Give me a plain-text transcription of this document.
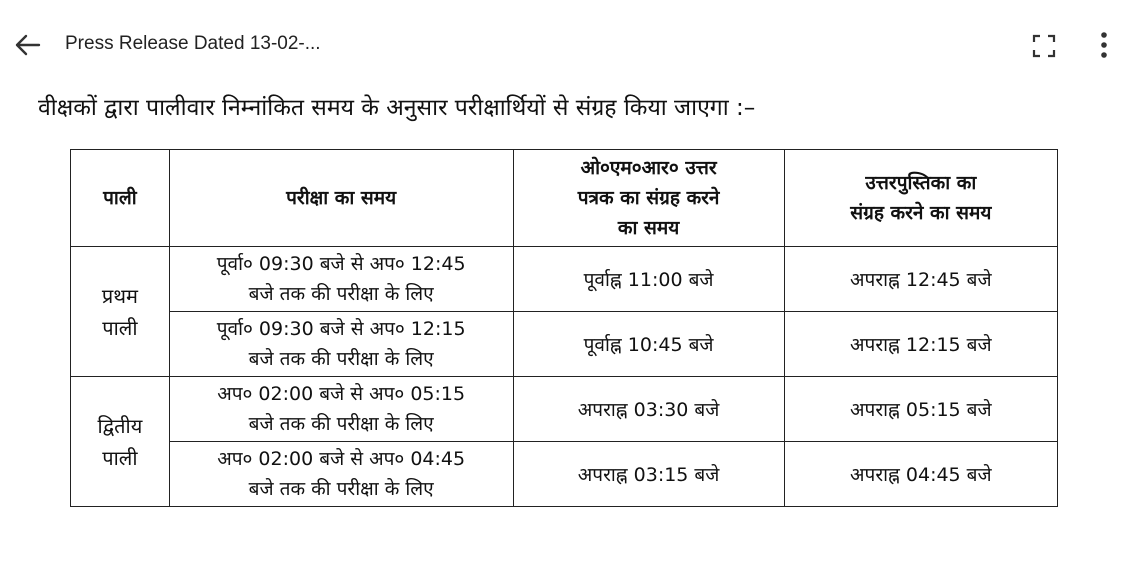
Press Release Dated 13-02-...
वीक्षकों द्वारा पालीवार निम्नांकित समय के अनुसार परीक्षार्थियों से संग्रह किया जाएगा :–
पाली	परीक्षा का समय	ओ०एम०आर० उत्तर
पत्रक का संग्रह करने
का समय	उत्तरपुस्तिका का
संग्रह करने का समय

प्रथम
पाली	पूर्वा० 09:30 बजे से अप० 12:45
बजे तक की परीक्षा के लिए	पूर्वाह्न 11:00 बजे	अपराह्न 12:45 बजे

	पूर्वा० 09:30 बजे से अप० 12:15
बजे तक की परीक्षा के लिए	पूर्वाह्न 10:45 बजे	अपराह्न 12:15 बजे

द्वितीय
पाली	अप० 02:00 बजे से अप० 05:15
बजे तक की परीक्षा के लिए	अपराह्न 03:30 बजे	अपराह्न 05:15 बजे

	अप० 02:00 बजे से अप० 04:45
बजे तक की परीक्षा के लिए	अपराह्न 03:15 बजे	अपराह्न 04:45 बजे
